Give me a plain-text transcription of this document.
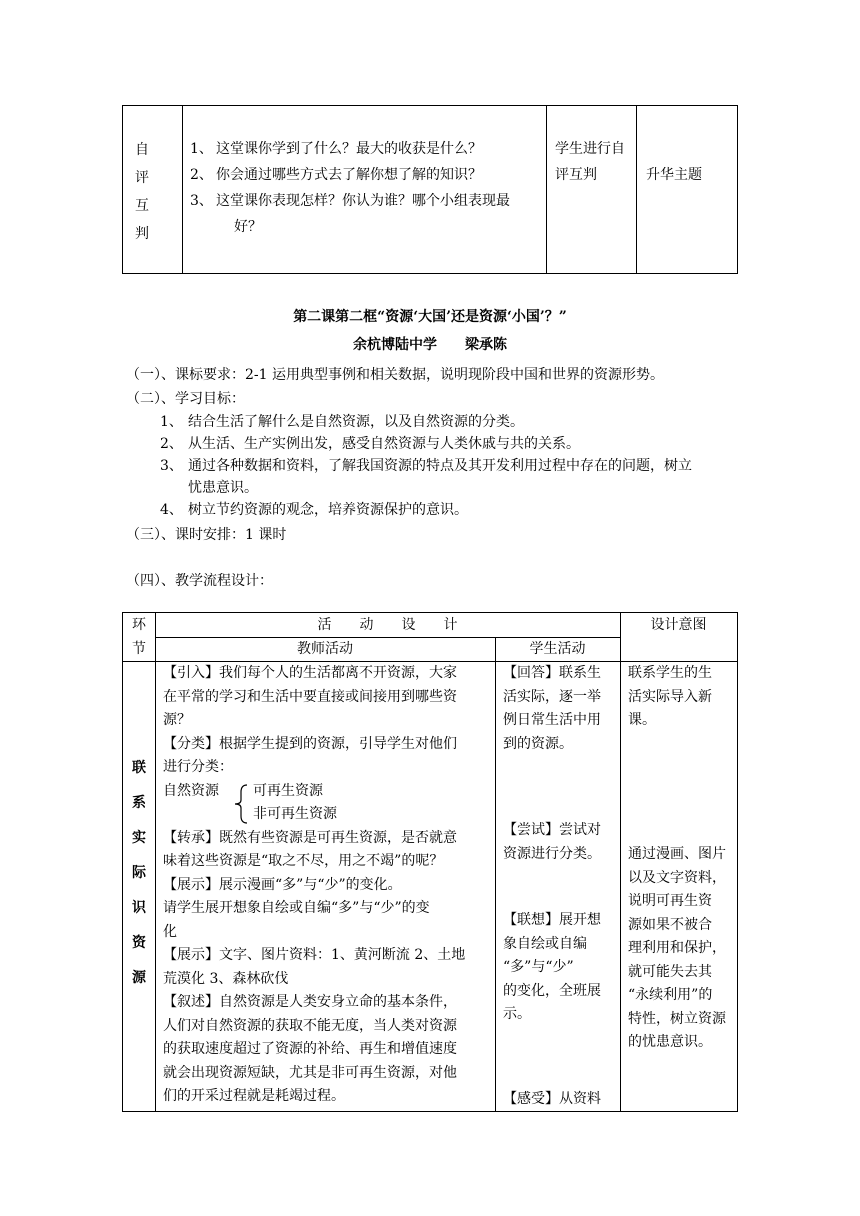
自
评
互
判
1、 这堂课你学到了什么？最大的收获是什么？
2、 你会通过哪些方式去了解你想了解的知识？
3、 这堂课你表现怎样？你认为谁？哪个小组表现最
好？
学生进行自
评互判	升华主题
第二课第二框“资源‘大国’还是资源‘小国’？”
余杭博陆中学　　梁承陈
（一）、课标要求：2-1 运用典型事例和相关数据，说明现阶段中国和世界的资源形势。
（二）、学习目标：
1、 结合生活了解什么是自然资源，以及自然资源的分类。
2、 从生活、生产实例出发，感受自然资源与人类休戚与共的关系。
3、 通过各种数据和资料，了解我国资源的特点及其开发利用过程中存在的问题，树立
忧患意识。
4、 树立节约资源的观念，培养资源保护的意识。
（三）、课时安排：1 课时
（四）、教学流程设计：
环
节
活　　动　　设　　计
教师活动	学生活动
设计意图
联
系
实
际
识
资
源
【引入】我们每个人的生活都离不开资源，大家
在平常的学习和生活中要直接或间接用到哪些资
源？
【分类】根据学生提到的资源，引导学生对他们
进行分类：
自然资源 可再生资源
非可再生资源
【转承】既然有些资源是可再生资源，是否就意
味着这些资源是“取之不尽，用之不竭”的呢？
【展示】展示漫画“多”与“少”的变化。
请学生展开想象自绘或自编“多”与“少”的变
化
【展示】文字、图片资料：1、黄河断流 2、土地
荒漠化 3、森林砍伐
【叙述】自然资源是人类安身立命的基本条件，
人们对自然资源的获取不能无度，当人类对资源
的获取速度超过了资源的补给、再生和增值速度
就会出现资源短缺，尤其是非可再生资源，对他
们的开采过程就是耗竭过程。
【回答】联系生
活实际，逐一举
例日常生活中用
到的资源。
【尝试】尝试对
资源进行分类。
【联想】展开想
象自绘或自编
“多”与“少”
的变化，全班展
示。
【感受】从资料
联系学生的生
活实际导入新
课。
通过漫画、图片
以及文字资料，
说明可再生资
源如果不被合
理利用和保护，
就可能失去其
“永续利用”的
特性，树立资源
的忧患意识。
